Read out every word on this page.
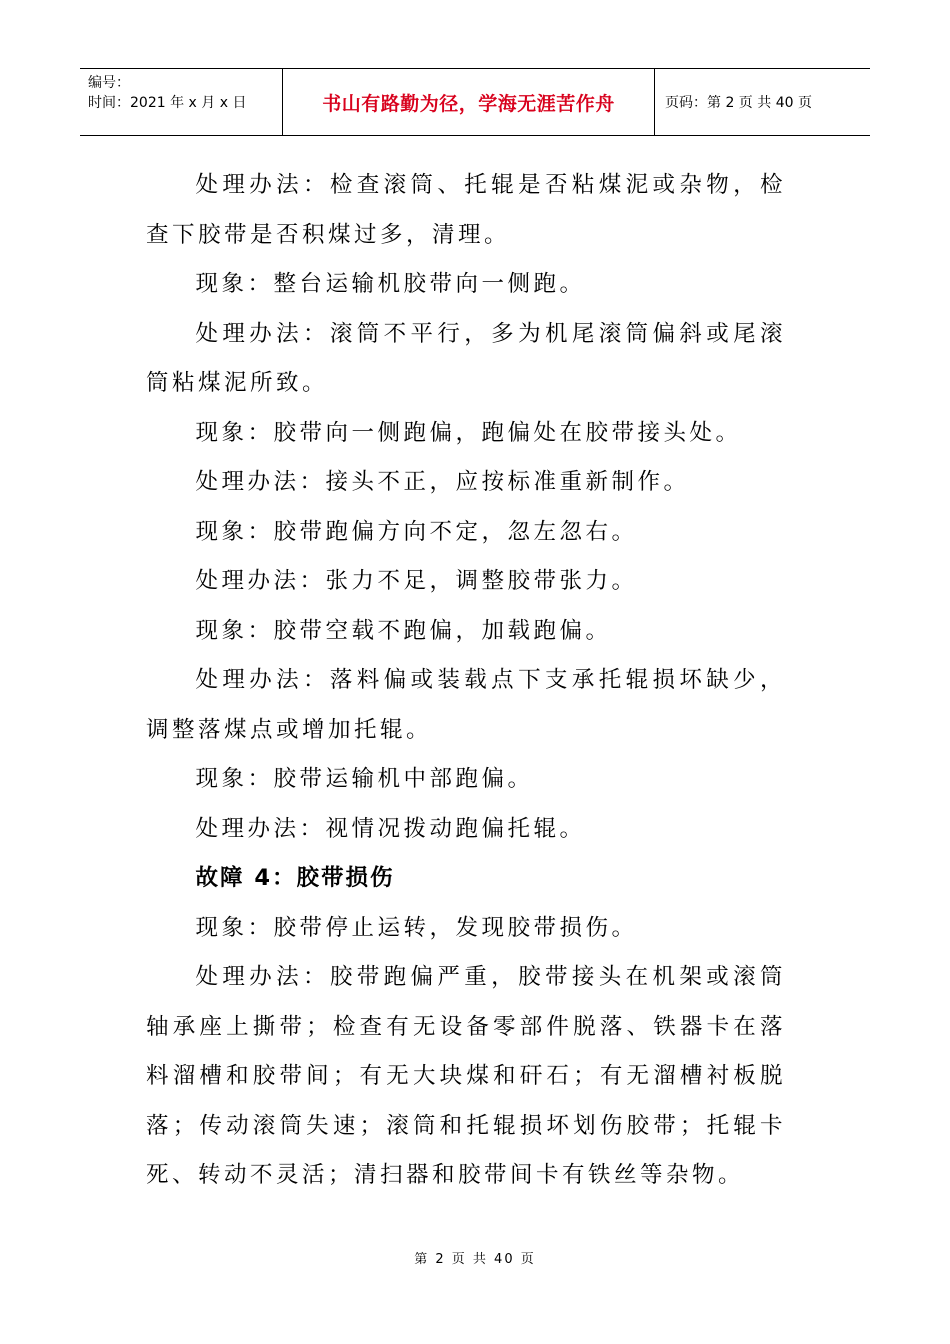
编号：
时间：2021 年 x 月 x 日	书山有路勤为径，学海无涯苦作舟	页码：第 2 页 共 40 页

处理办法：检查滚筒、托辊是否粘煤泥或杂物，检查下胶带是否积煤过多，清理。

现象：整台运输机胶带向一侧跑。

处理办法：滚筒不平行，多为机尾滚筒偏斜或尾滚筒粘煤泥所致。

现象：胶带向一侧跑偏，跑偏处在胶带接头处。

处理办法：接头不正，应按标准重新制作。

现象：胶带跑偏方向不定，忽左忽右。

处理办法：张力不足，调整胶带张力。

现象：胶带空载不跑偏，加载跑偏。

处理办法：落料偏或装载点下支承托辊损坏缺少，调整落煤点或增加托辊。

现象：胶带运输机中部跑偏。

处理办法：视情况拨动跑偏托辊。

故障 4：胶带损伤

现象：胶带停止运转，发现胶带损伤。

处理办法：胶带跑偏严重，胶带接头在机架或滚筒轴承座上撕带；检查有无设备零部件脱落、铁器卡在落料溜槽和胶带间；有无大块煤和矸石；有无溜槽衬板脱落；传动滚筒失速；滚筒和托辊损坏划伤胶带；托辊卡死、转动不灵活；清扫器和胶带间卡有铁丝等杂物。

第 2 页 共 40 页
